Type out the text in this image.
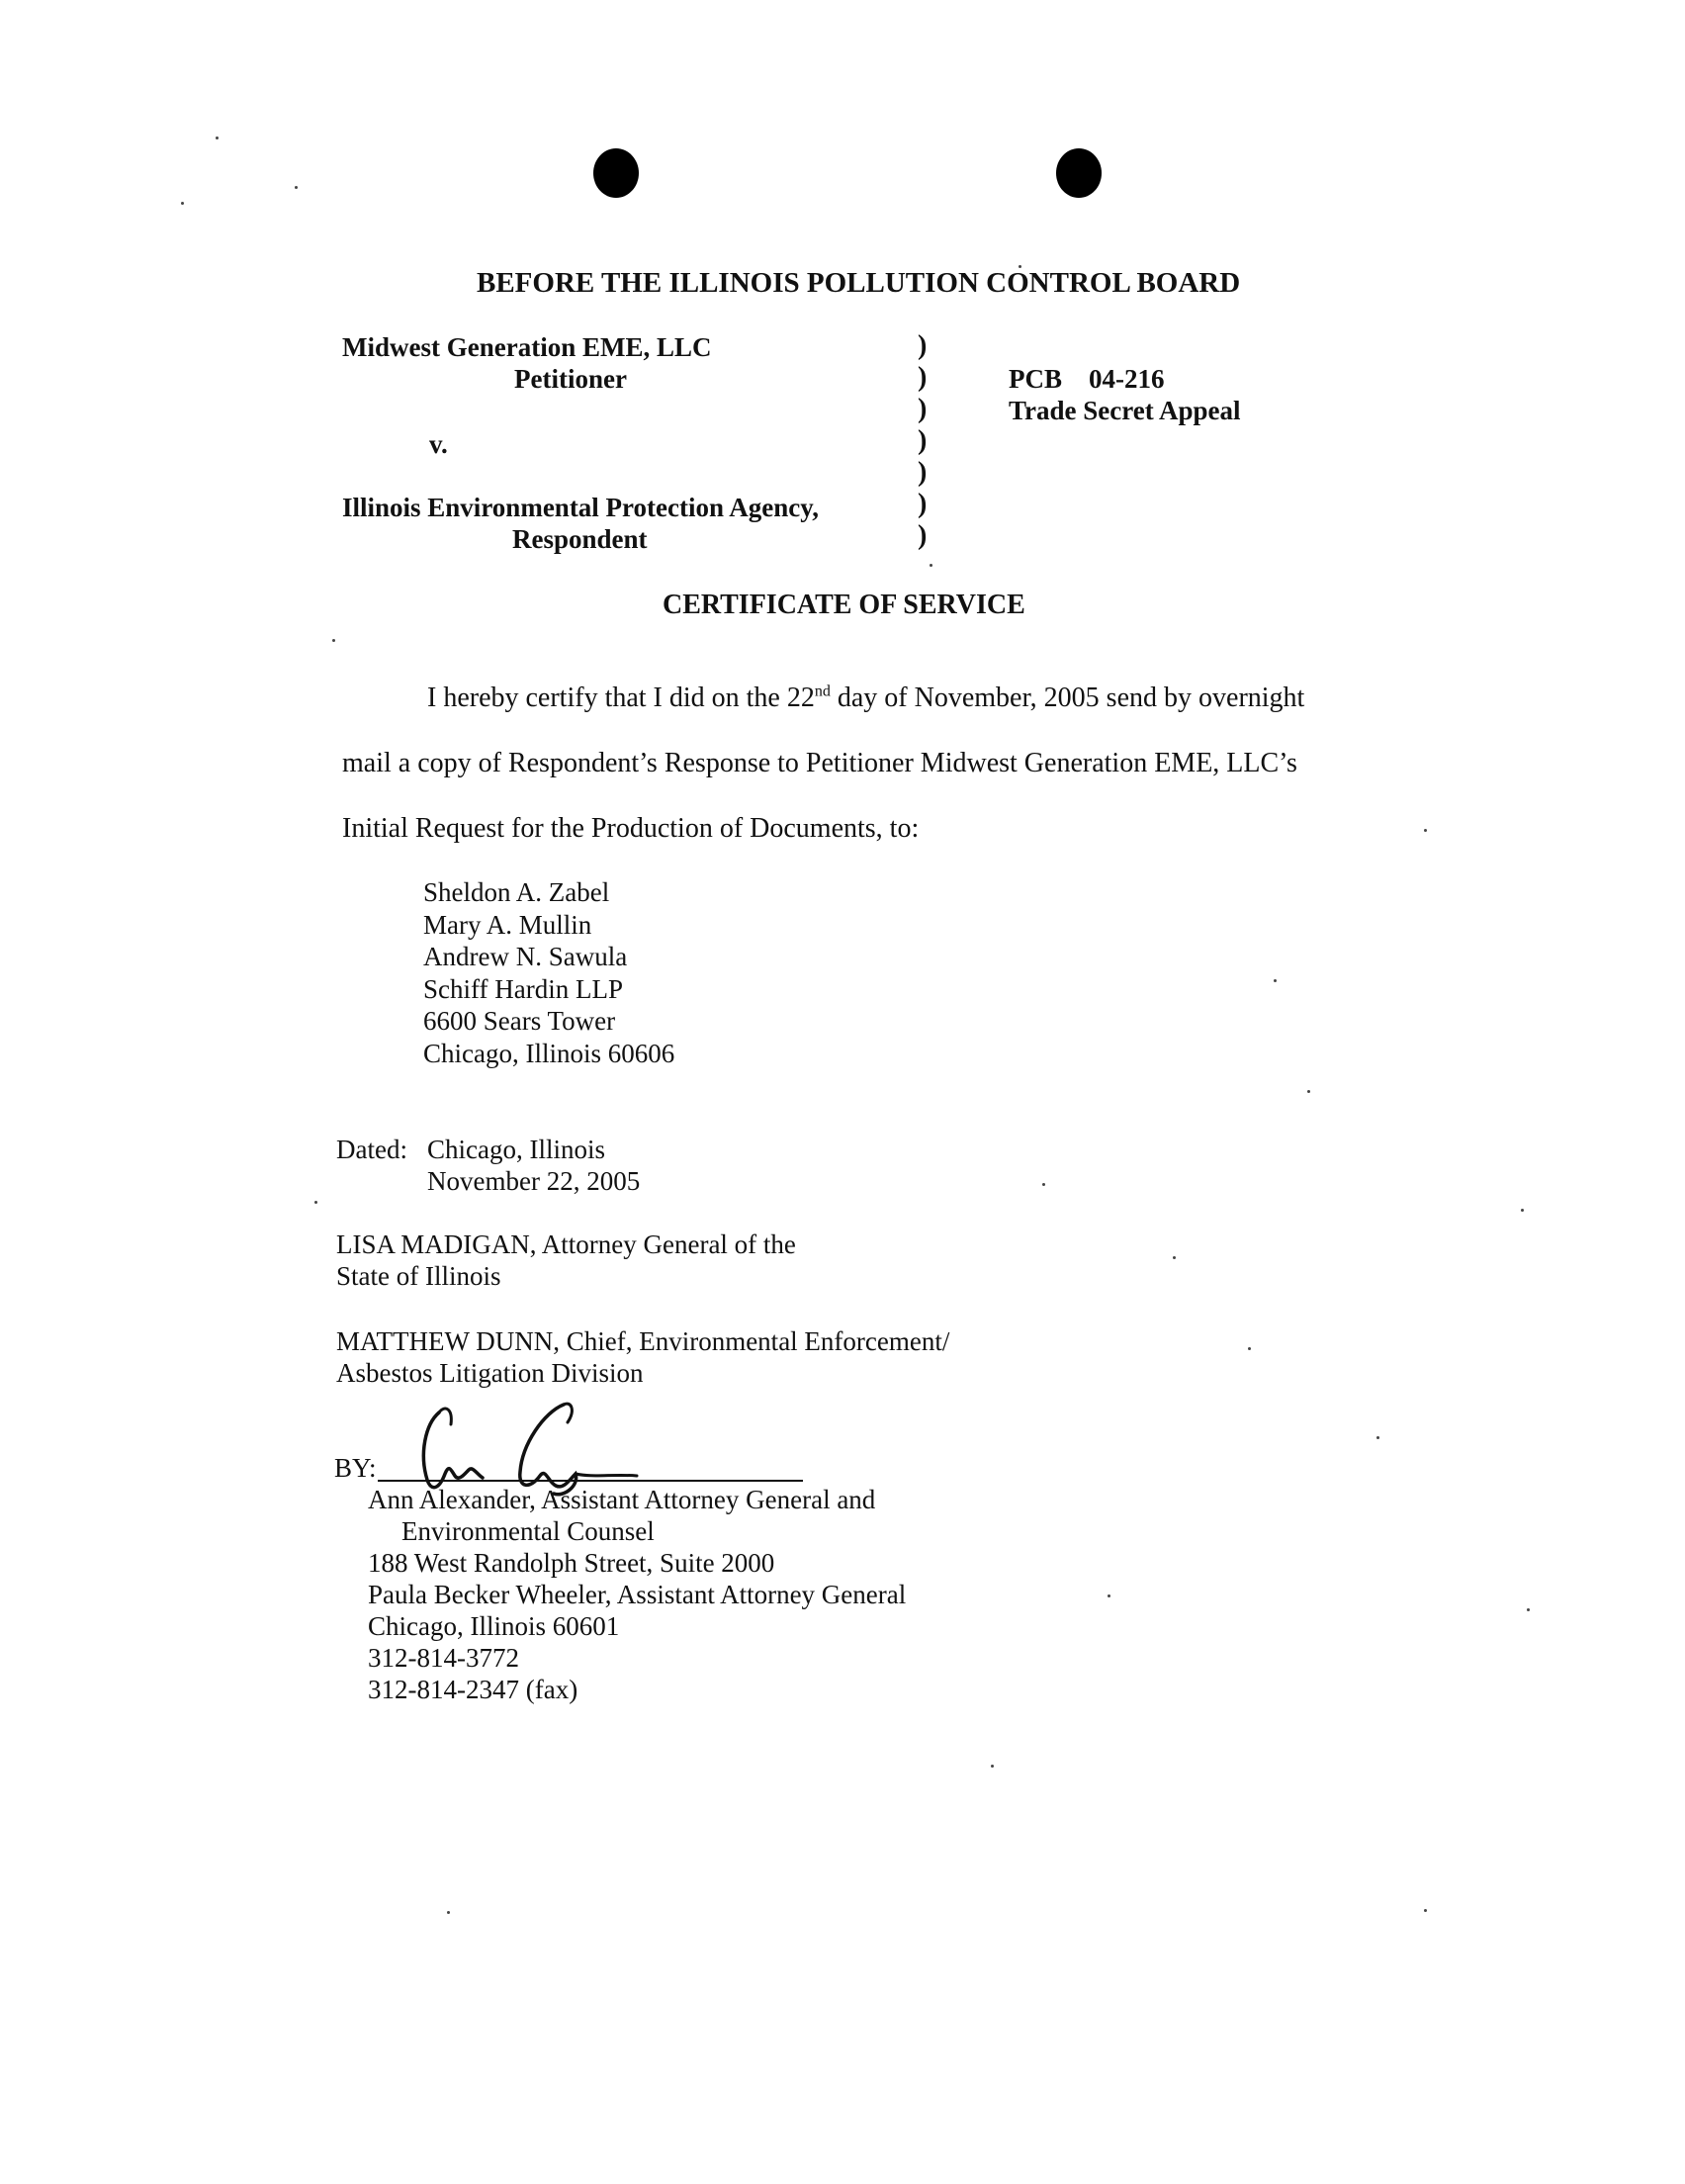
BEFORE THE ILLINOIS POLLUTION CONTROL BOARD
Midwest Generation EME, LLC
Petitioner
v.
Illinois Environmental Protection Agency,
Respondent
)
)
)
)
)
)
)
PCB    04-216
Trade Secret Appeal
CERTIFICATE OF SERVICE
I hereby certify that I did on the 22nd day of November, 2005 send by overnight
mail a copy of Respondent’s Response to Petitioner Midwest Generation EME, LLC’s
Initial Request for the Production of Documents, to:
Sheldon A. Zabel
Mary A. Mullin
Andrew N. Sawula
Schiff Hardin LLP
6600 Sears Tower
Chicago, Illinois 60606
Dated: Chicago, Illinois
November 22, 2005
LISA MADIGAN, Attorney General of the
State of Illinois
MATTHEW DUNN, Chief, Environmental Enforcement/
Asbestos Litigation Division
BY:
Ann Alexander, Assistant Attorney General and
Environmental Counsel
188 West Randolph Street, Suite 2000
Paula Becker Wheeler, Assistant Attorney General
Chicago, Illinois 60601
312-814-3772
312-814-2347 (fax)
